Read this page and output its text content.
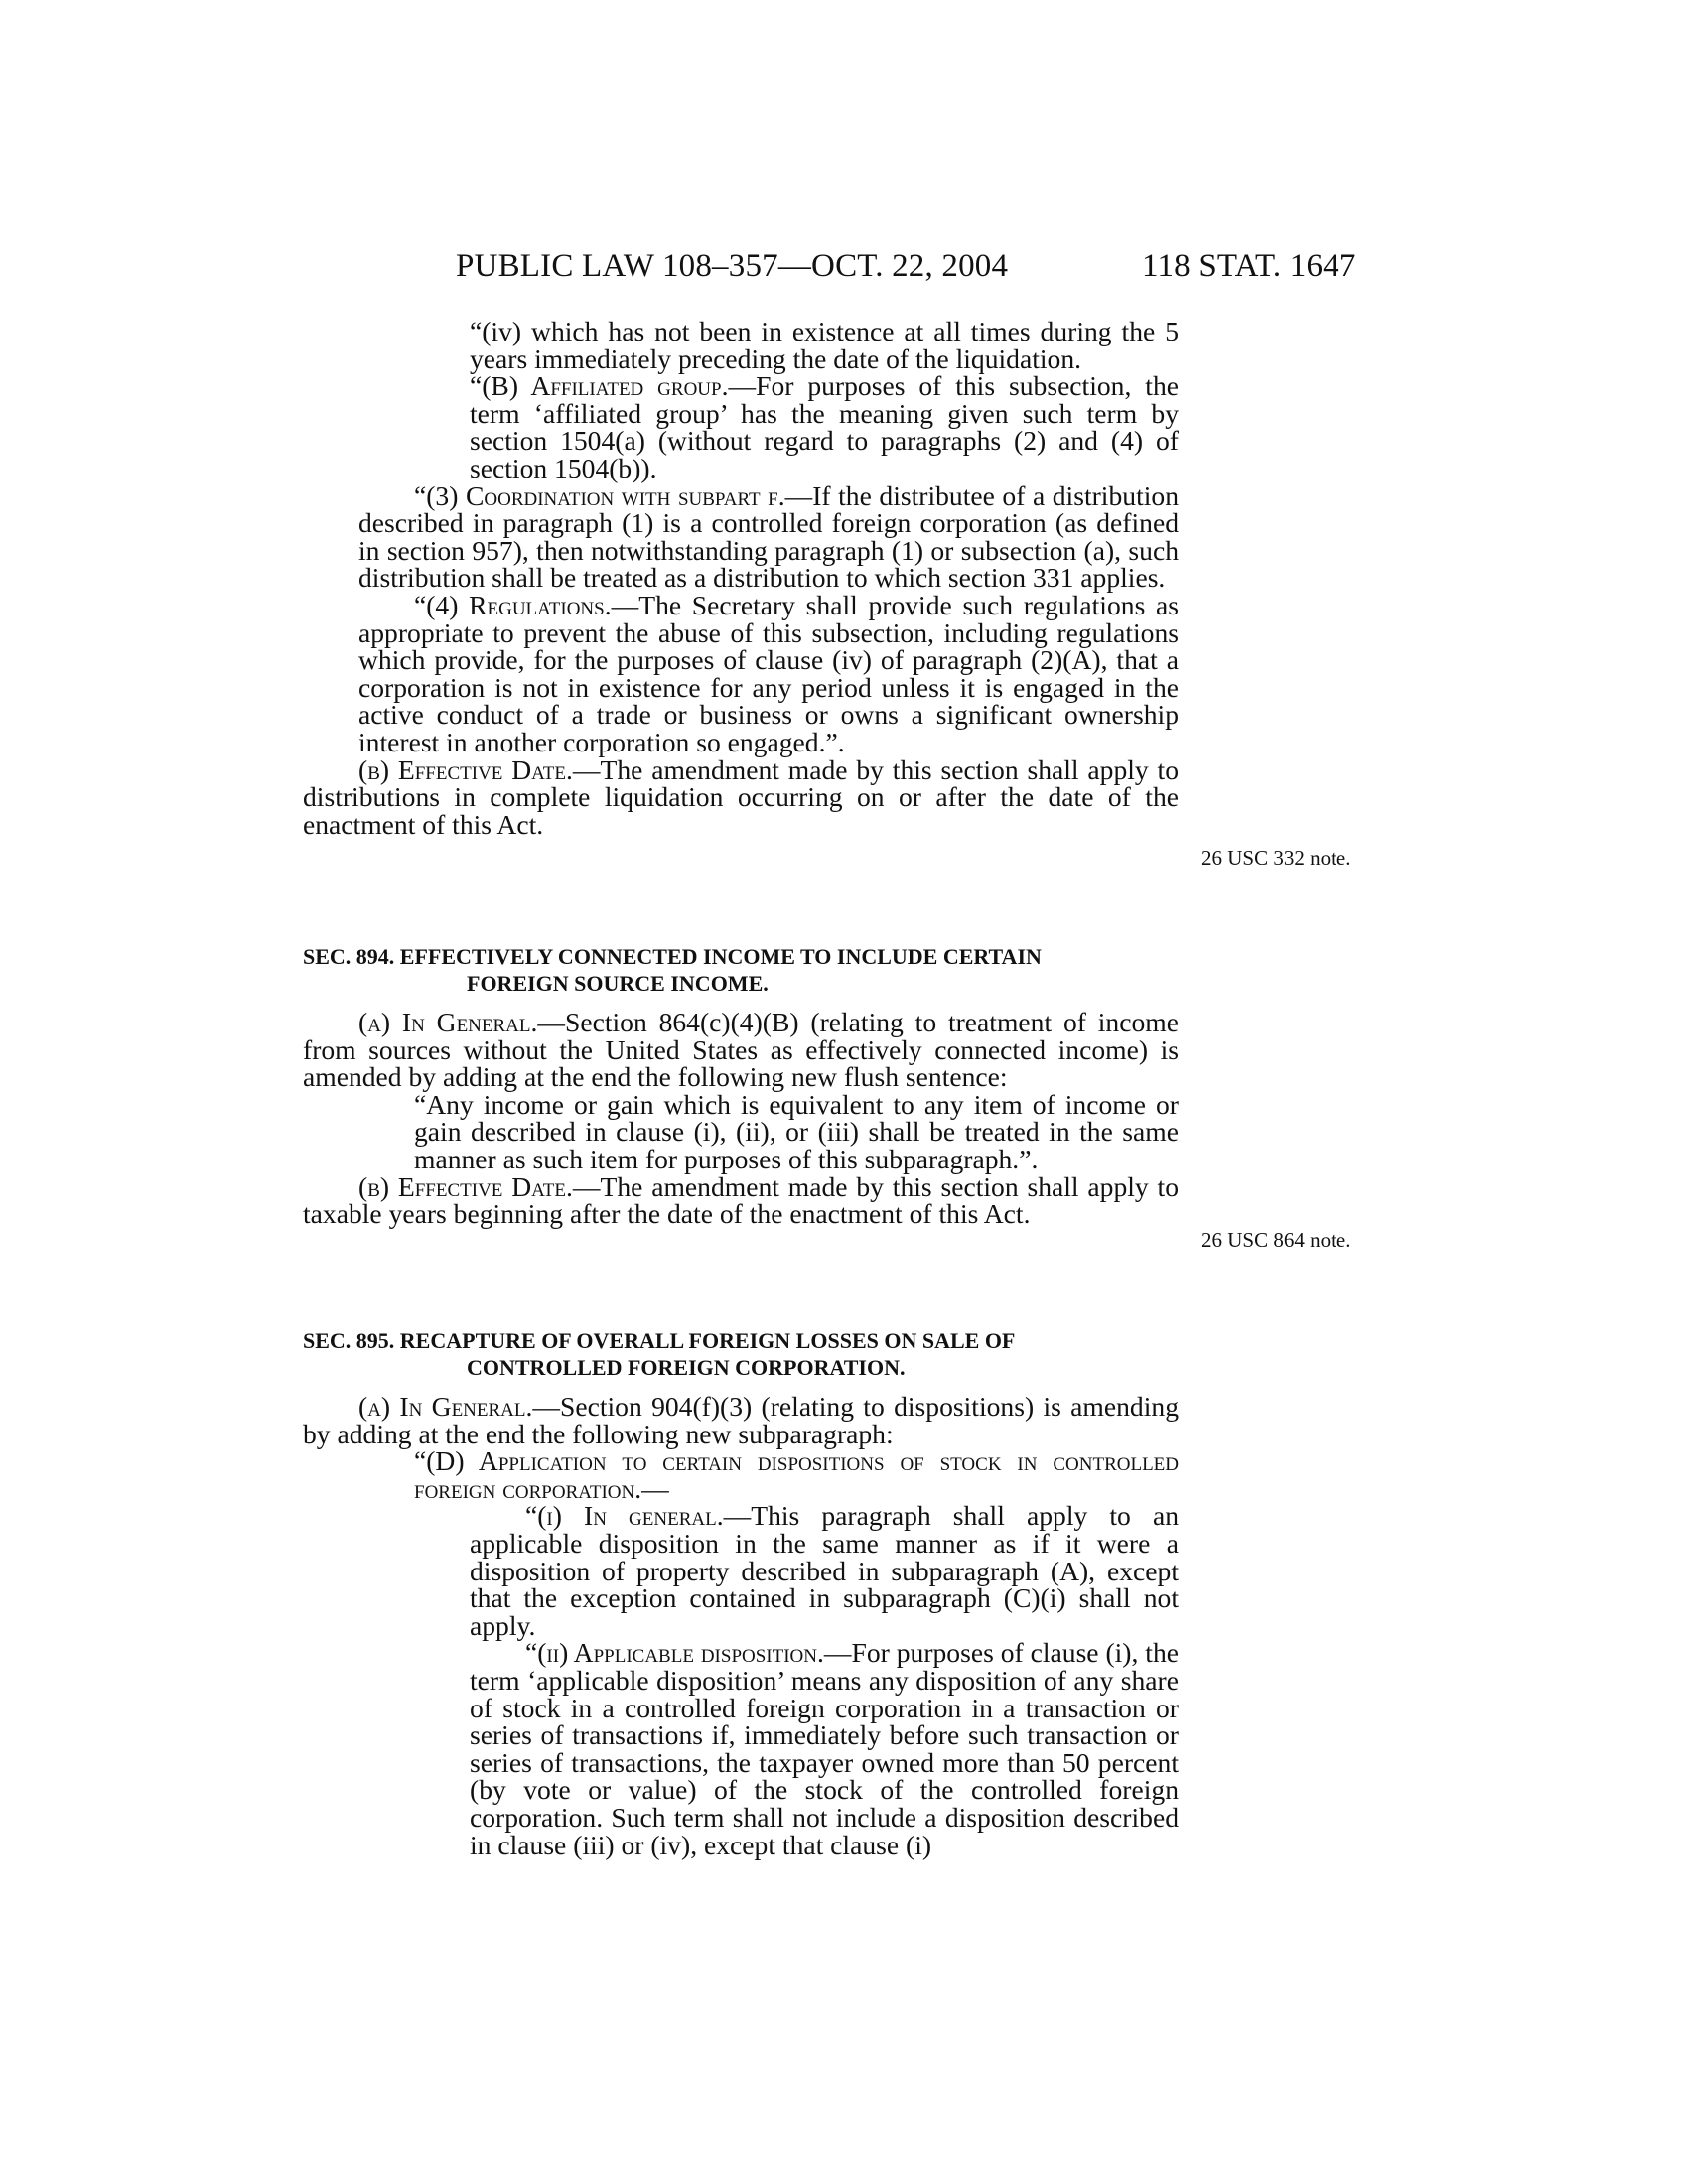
PUBLIC LAW 108–357—OCT. 22, 2004	118 STAT. 1647

“(iv) which has not been in existence at all times during the 5 years immediately preceding the date of the liquidation.

“(B) Affiliated group.—For purposes of this subsection, the term ‘affiliated group’ has the meaning given such term by section 1504(a) (without regard to paragraphs (2) and (4) of section 1504(b)).

“(3) Coordination with subpart f.—If the distributee of a distribution described in paragraph (1) is a controlled foreign corporation (as defined in section 957), then notwithstanding paragraph (1) or subsection (a), such distribution shall be treated as a distribution to which section 331 applies.

“(4) Regulations.—The Secretary shall provide such regulations as appropriate to prevent the abuse of this subsection, including regulations which provide, for the purposes of clause (iv) of paragraph (2)(A), that a corporation is not in existence for any period unless it is engaged in the active conduct of a trade or business or owns a significant ownership interest in another corporation so engaged.”.

(b) Effective Date.—The amendment made by this section shall apply to distributions in complete liquidation occurring on or after the date of the enactment of this Act.

26 USC 332 note.
SEC. 894. EFFECTIVELY CONNECTED INCOME TO INCLUDE CERTAIN
FOREIGN SOURCE INCOME.

(a) In General.—Section 864(c)(4)(B) (relating to treatment of income from sources without the United States as effectively connected income) is amended by adding at the end the following new flush sentence:

“Any income or gain which is equivalent to any item of income or gain described in clause (i), (ii), or (iii) shall be treated in the same manner as such item for purposes of this subparagraph.”.

(b) Effective Date.—The amendment made by this section shall apply to taxable years beginning after the date of the enactment of this Act.

26 USC 864 note.
SEC. 895. RECAPTURE OF OVERALL FOREIGN LOSSES ON SALE OF
CONTROLLED FOREIGN CORPORATION.

(a) In General.—Section 904(f)(3) (relating to dispositions) is amending by adding at the end the following new subparagraph:

“(D) Application to certain dispositions of stock in controlled foreign corporation.—

“(i) In general.—This paragraph shall apply to an applicable disposition in the same manner as if it were a disposition of property described in subparagraph (A), except that the exception contained in subparagraph (C)(i) shall not apply.

“(ii) Applicable disposition.—For purposes of clause (i), the term ‘applicable disposition’ means any disposition of any share of stock in a controlled foreign corporation in a transaction or series of transactions if, immediately before such transaction or series of transactions, the taxpayer owned more than 50 percent (by vote or value) of the stock of the controlled foreign corporation. Such term shall not include a disposition described in clause (iii) or (iv), except that clause (i)
